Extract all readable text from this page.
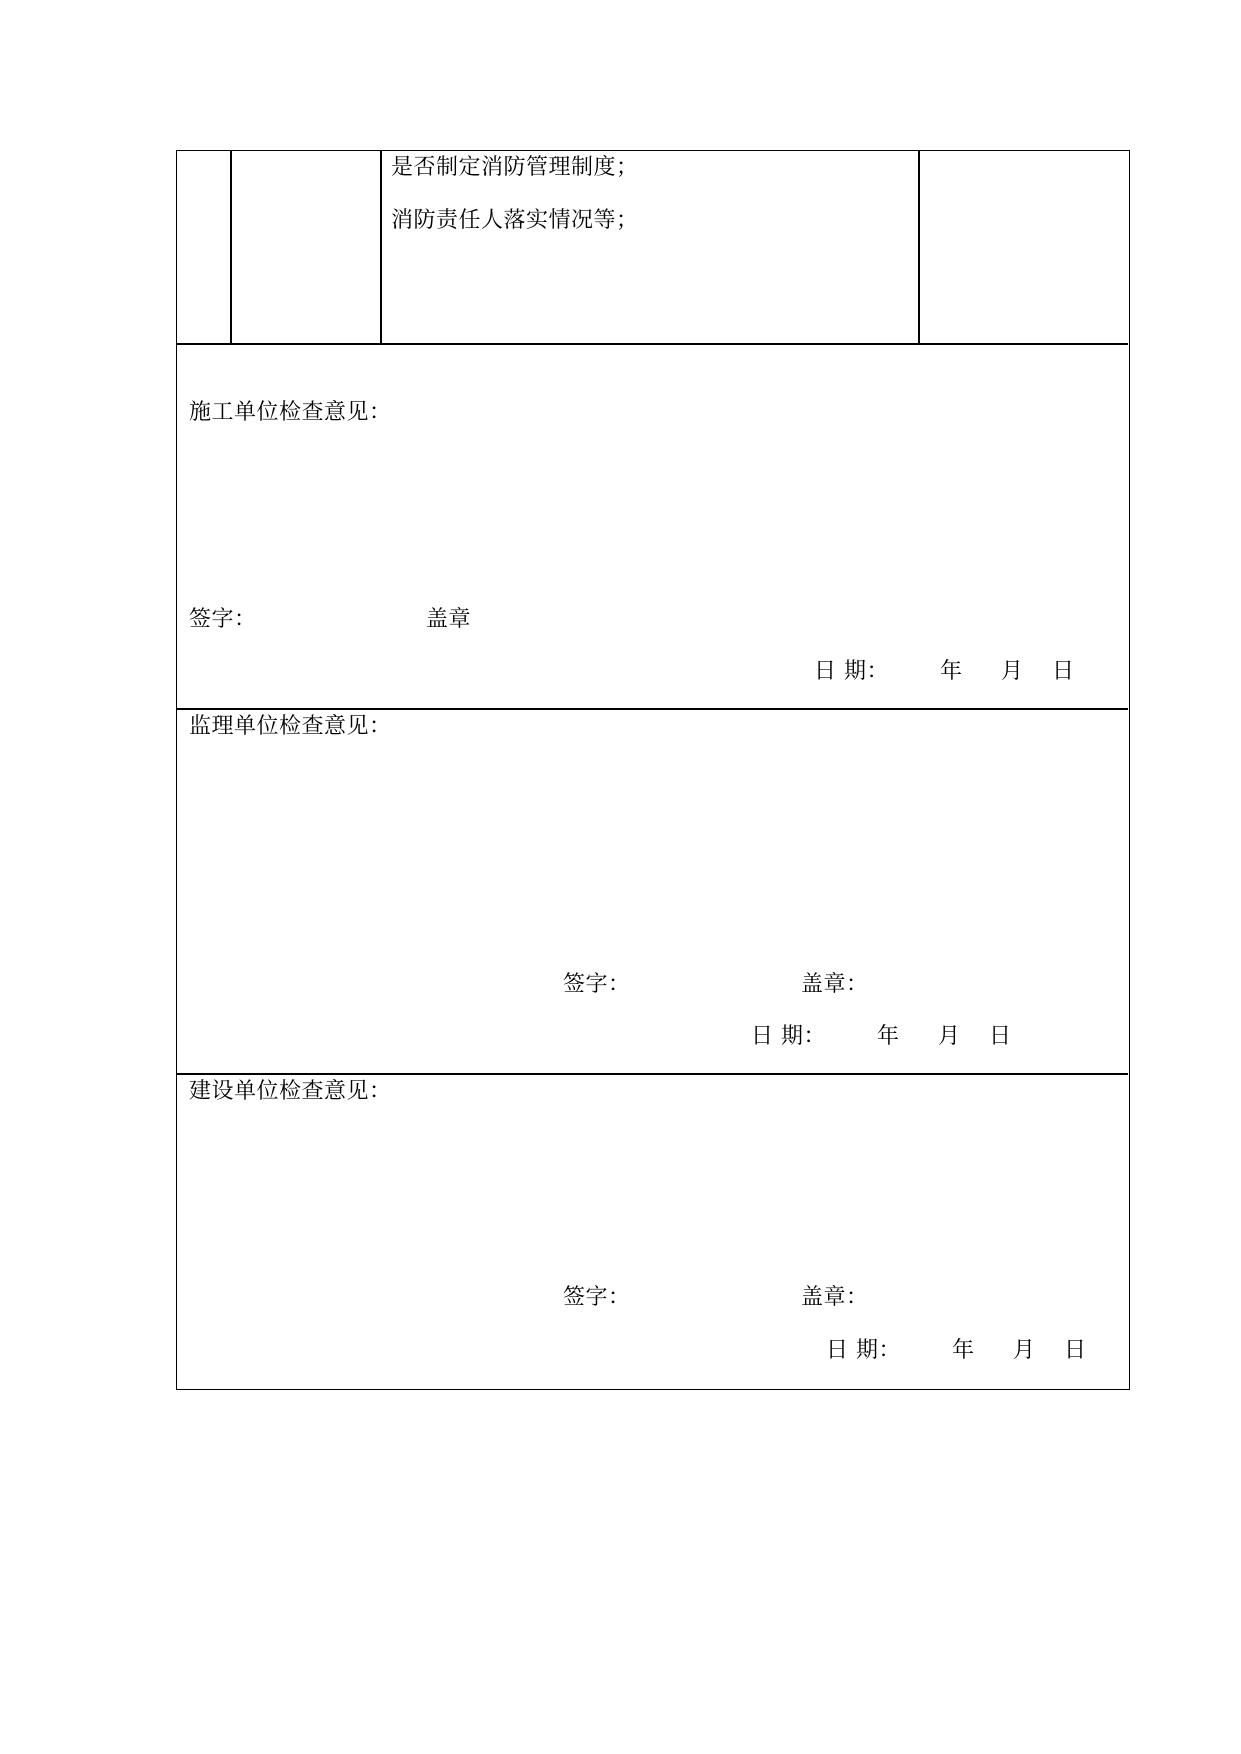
是否制定消防管理制度；
消防责任人落实情况等；
施工单位检查意见：
签字：	盖章
日 期： 年 月 日
监理单位检查意见：
签字：	盖章：
日 期： 年 月 日
建设单位检查意见：
签字：	盖章：
日 期： 年 月 日
